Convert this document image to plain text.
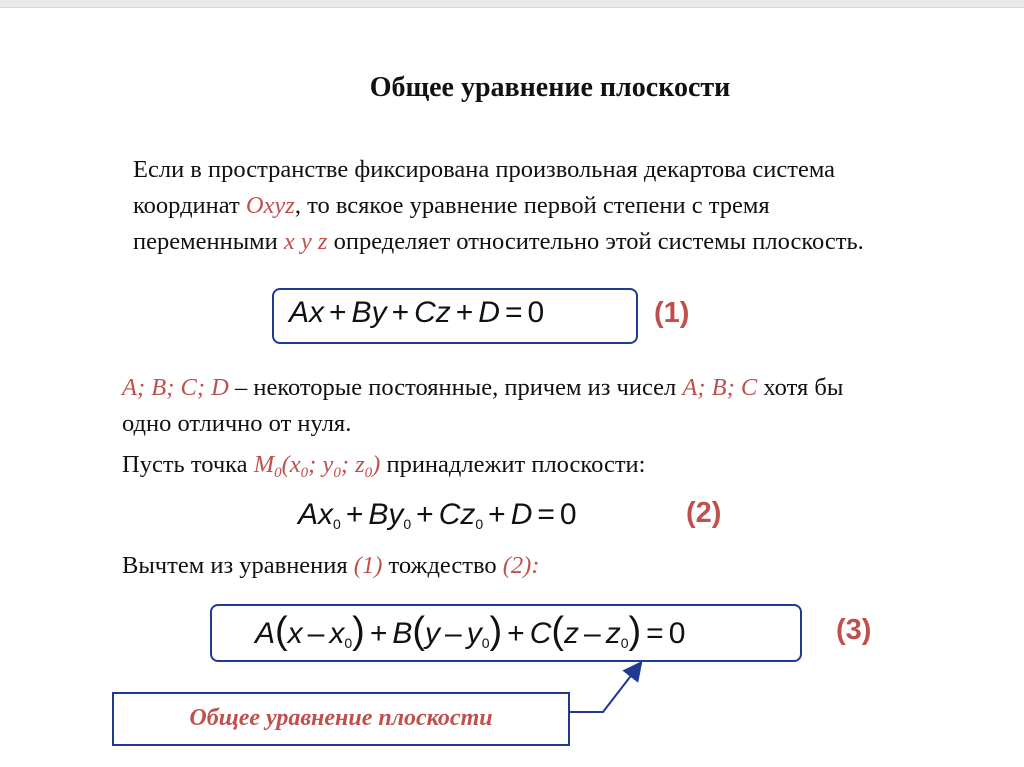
Общее уравнение плоскости
Если в пространстве фиксирована произвольная декартова система
координат Oxyz, то всякое уравнение первой степени с тремя
переменными x y z определяет относительно этой системы плоскость.
Ax + By + Cz + D = 0	(1)
A; B; C; D – некоторые постоянные, причем из чисел A; B; C хотя бы
одно отлично от нуля.
Пусть точка $M_0(x_0$; $y_0$; $z_0$) принадлежит плоскости:
$Ax_0 + By_0 + Cz_0 + D = 0$	(2)
Вычтем из уравнения (1) тождество (2):
$A(x - x_0) + B(y - y_0) + C(z - z_0) = 0$	(3)
Общее уравнение плоскости
